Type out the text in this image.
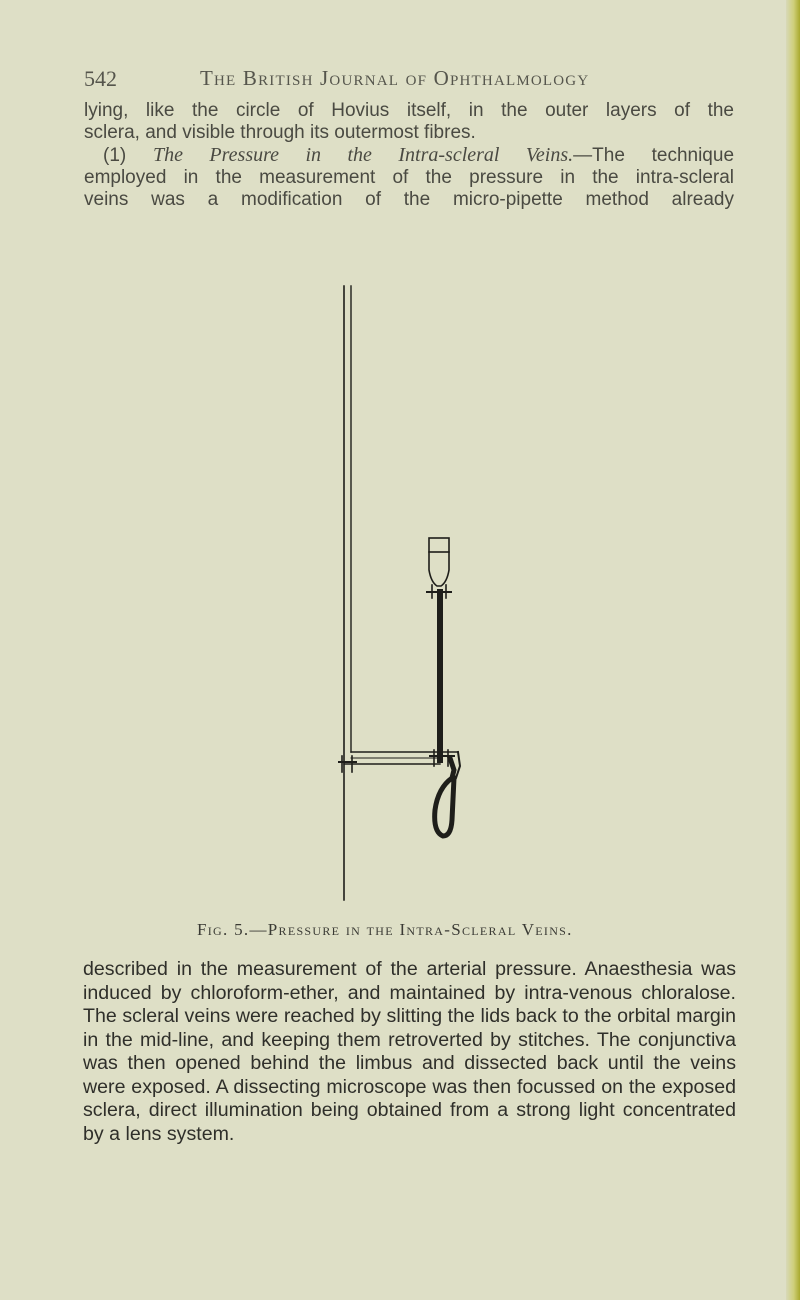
542	The British Journal of Ophthalmology

lying, like the circle of Hovius itself, in the outer layers of the

sclera, and visible through its outermost fibres.

(1) The Pressure in the Intra-scleral Veins.—The technique

employed in the measurement of the pressure in the intra-scleral

veins was a modification of the micro-pipette method already

Fig. 5.—Pressure in the Intra-Scleral Veins.

described in the measurement of the arterial pressure. Anaesthesia was induced by chloroform-ether, and maintained by intra-venous chloralose. The scleral veins were reached by slitting the lids back to the orbital margin in the mid-line, and keeping them retroverted by stitches. The conjunctiva was then opened behind the limbus and dissected back until the veins were exposed. A dissecting microscope was then focussed on the exposed sclera, direct illumination being obtained from a strong light concentrated by a lens system.
